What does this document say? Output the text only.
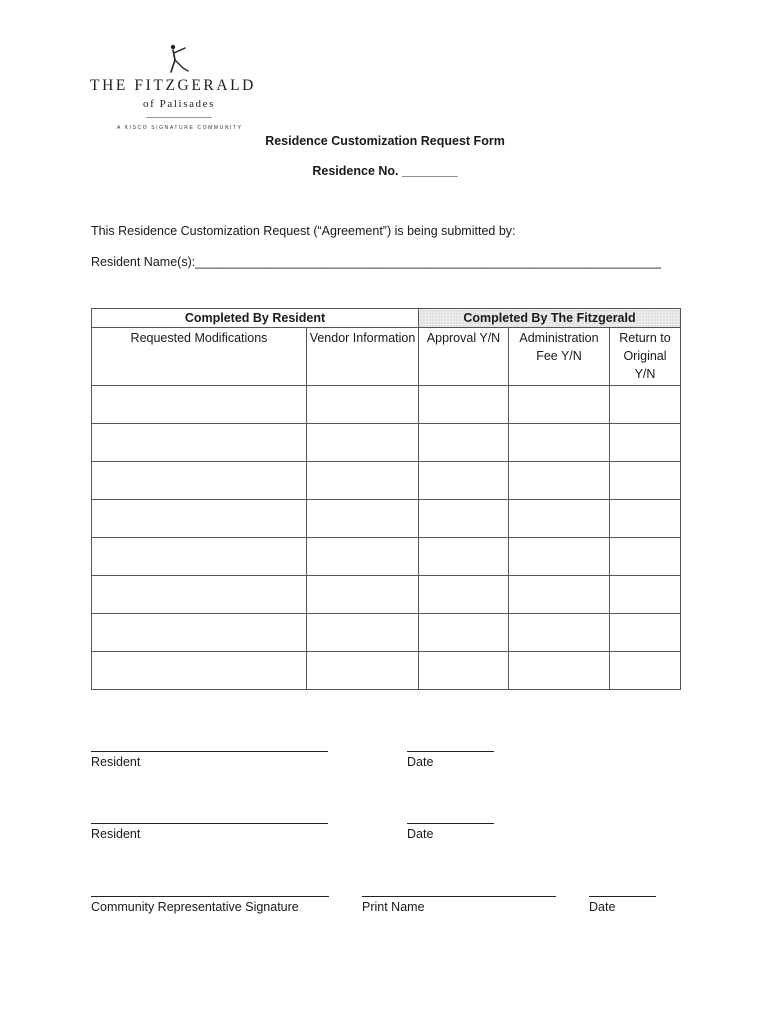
THE FITZGERALD
of Palisades
A KISCO SIGNATURE COMMUNITY
Residence Customization Request Form
Residence No. ________
This Residence Customization Request (“Agreement”) is being submitted by:
Resident Name(s):___________________________________________________________________
Completed By Resident		Completed By The Fitzgerald		
Requested Modifications	Vendor Information	Approval Y/N	Administration Fee Y/N	Return to Original Y/N

Resident	Date
Resident	Date
Community Representative Signature	Print Name	Date
